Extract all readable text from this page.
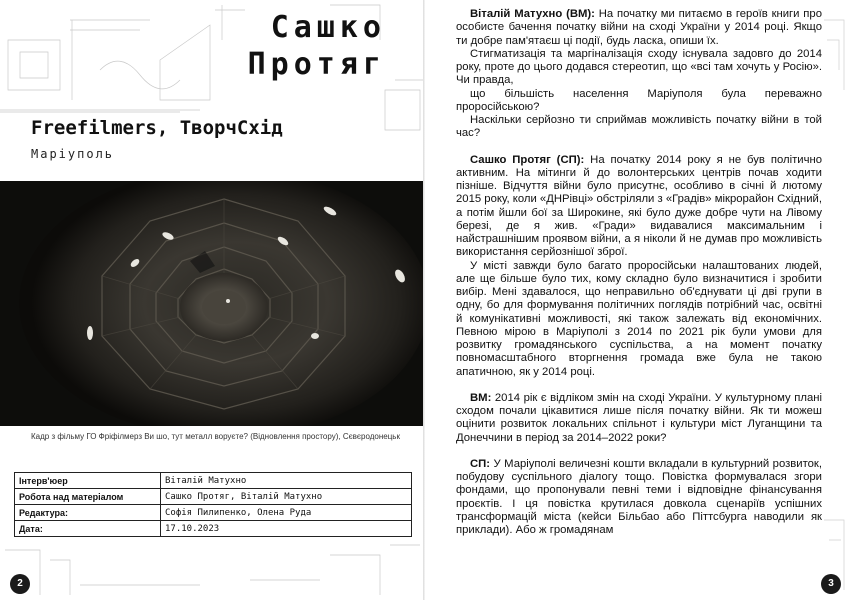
Сашко
Протяг
Freefilmers, ТворчСхід
Маріуполь
Кадр з фільму ГО Фріфілмерз Ви шо, тут металл воруєте? (Відновлення простору), Сєвєродонецьк
Інтерв'юер	Віталій Матухно
Робота над матеріалом	Сашко Протяг, Віталій Матухно
Редактура:	Софія Пилипенко, Олена Руда
Дата:	17.10.2023

Віталій Матухно (ВМ): На початку ми питаємо в героїв книги про особисте бачення початку війни на сході України у 2014 році. Якщо ти добре пам'ятаєш ці події, будь ласка, опиши їх.

Стигматизація та маргіналізація сходу існувала задовго до 2014 року, проте до цього додався стереотип, що «всі там хочуть у Росію». Чи правда,

що більшість населення Маріуполя була переважно проросійською?

Наскільки серйозно ти сприймав можливість початку війни в той час?

Сашко Протяг (СП): На початку 2014 року я не був політично активним. На мітинги й до волонтерських центрів почав ходити пізніше. Відчуття війни було присутнє, особливо в січні й лютому 2015 року, коли «ДНРівці» обстріляли з «Градів» мікрорайон Східний, а потім йшли бої за Широкине, які було дуже добре чути на Лівому березі, де я жив. «Гради» видавалися максимальним і найстрашнішим проявом війни, а я ніколи й не думав про можливість використання серйознішої зброї.

У місті завжди було багато проросійськи налаштованих людей, але ще більше було тих, кому складно було визначитися і зробити вибір. Мені здавалося, що неправильно об'єднувати ці дві групи в одну, бо для формування політичних поглядів потрібний час, освітні й комунікативні можливості, які також залежать від економічних. Певною мірою в Маріуполі з 2014 по 2021 рік були умови для розвитку громадянського суспільства, а на момент початку повномасштабного вторгнення громада вже була не такою апатичною, як у 2014 році.

ВМ: 2014 рік є відліком змін на сході України. У культурному плані сходом почали цікавитися лише після початку війни. Як ти можеш оцінити розвиток локальних спільнот і культури міст Луганщини та Донеччини в період за 2014–2022 роки?

СП: У Маріуполі величезні кошти вкладали в культурний розвиток, побудову суспільного діалогу тощо. Повістка формувалася згори фондами, що пропонували певні теми і відповідне фінансування проєктів. І ця повістка крутилася довкола сценаріїв успішних трансформацій міста (кейси Більбао або Піттсбурга наводили як приклади). Або ж громадянам

2	3
